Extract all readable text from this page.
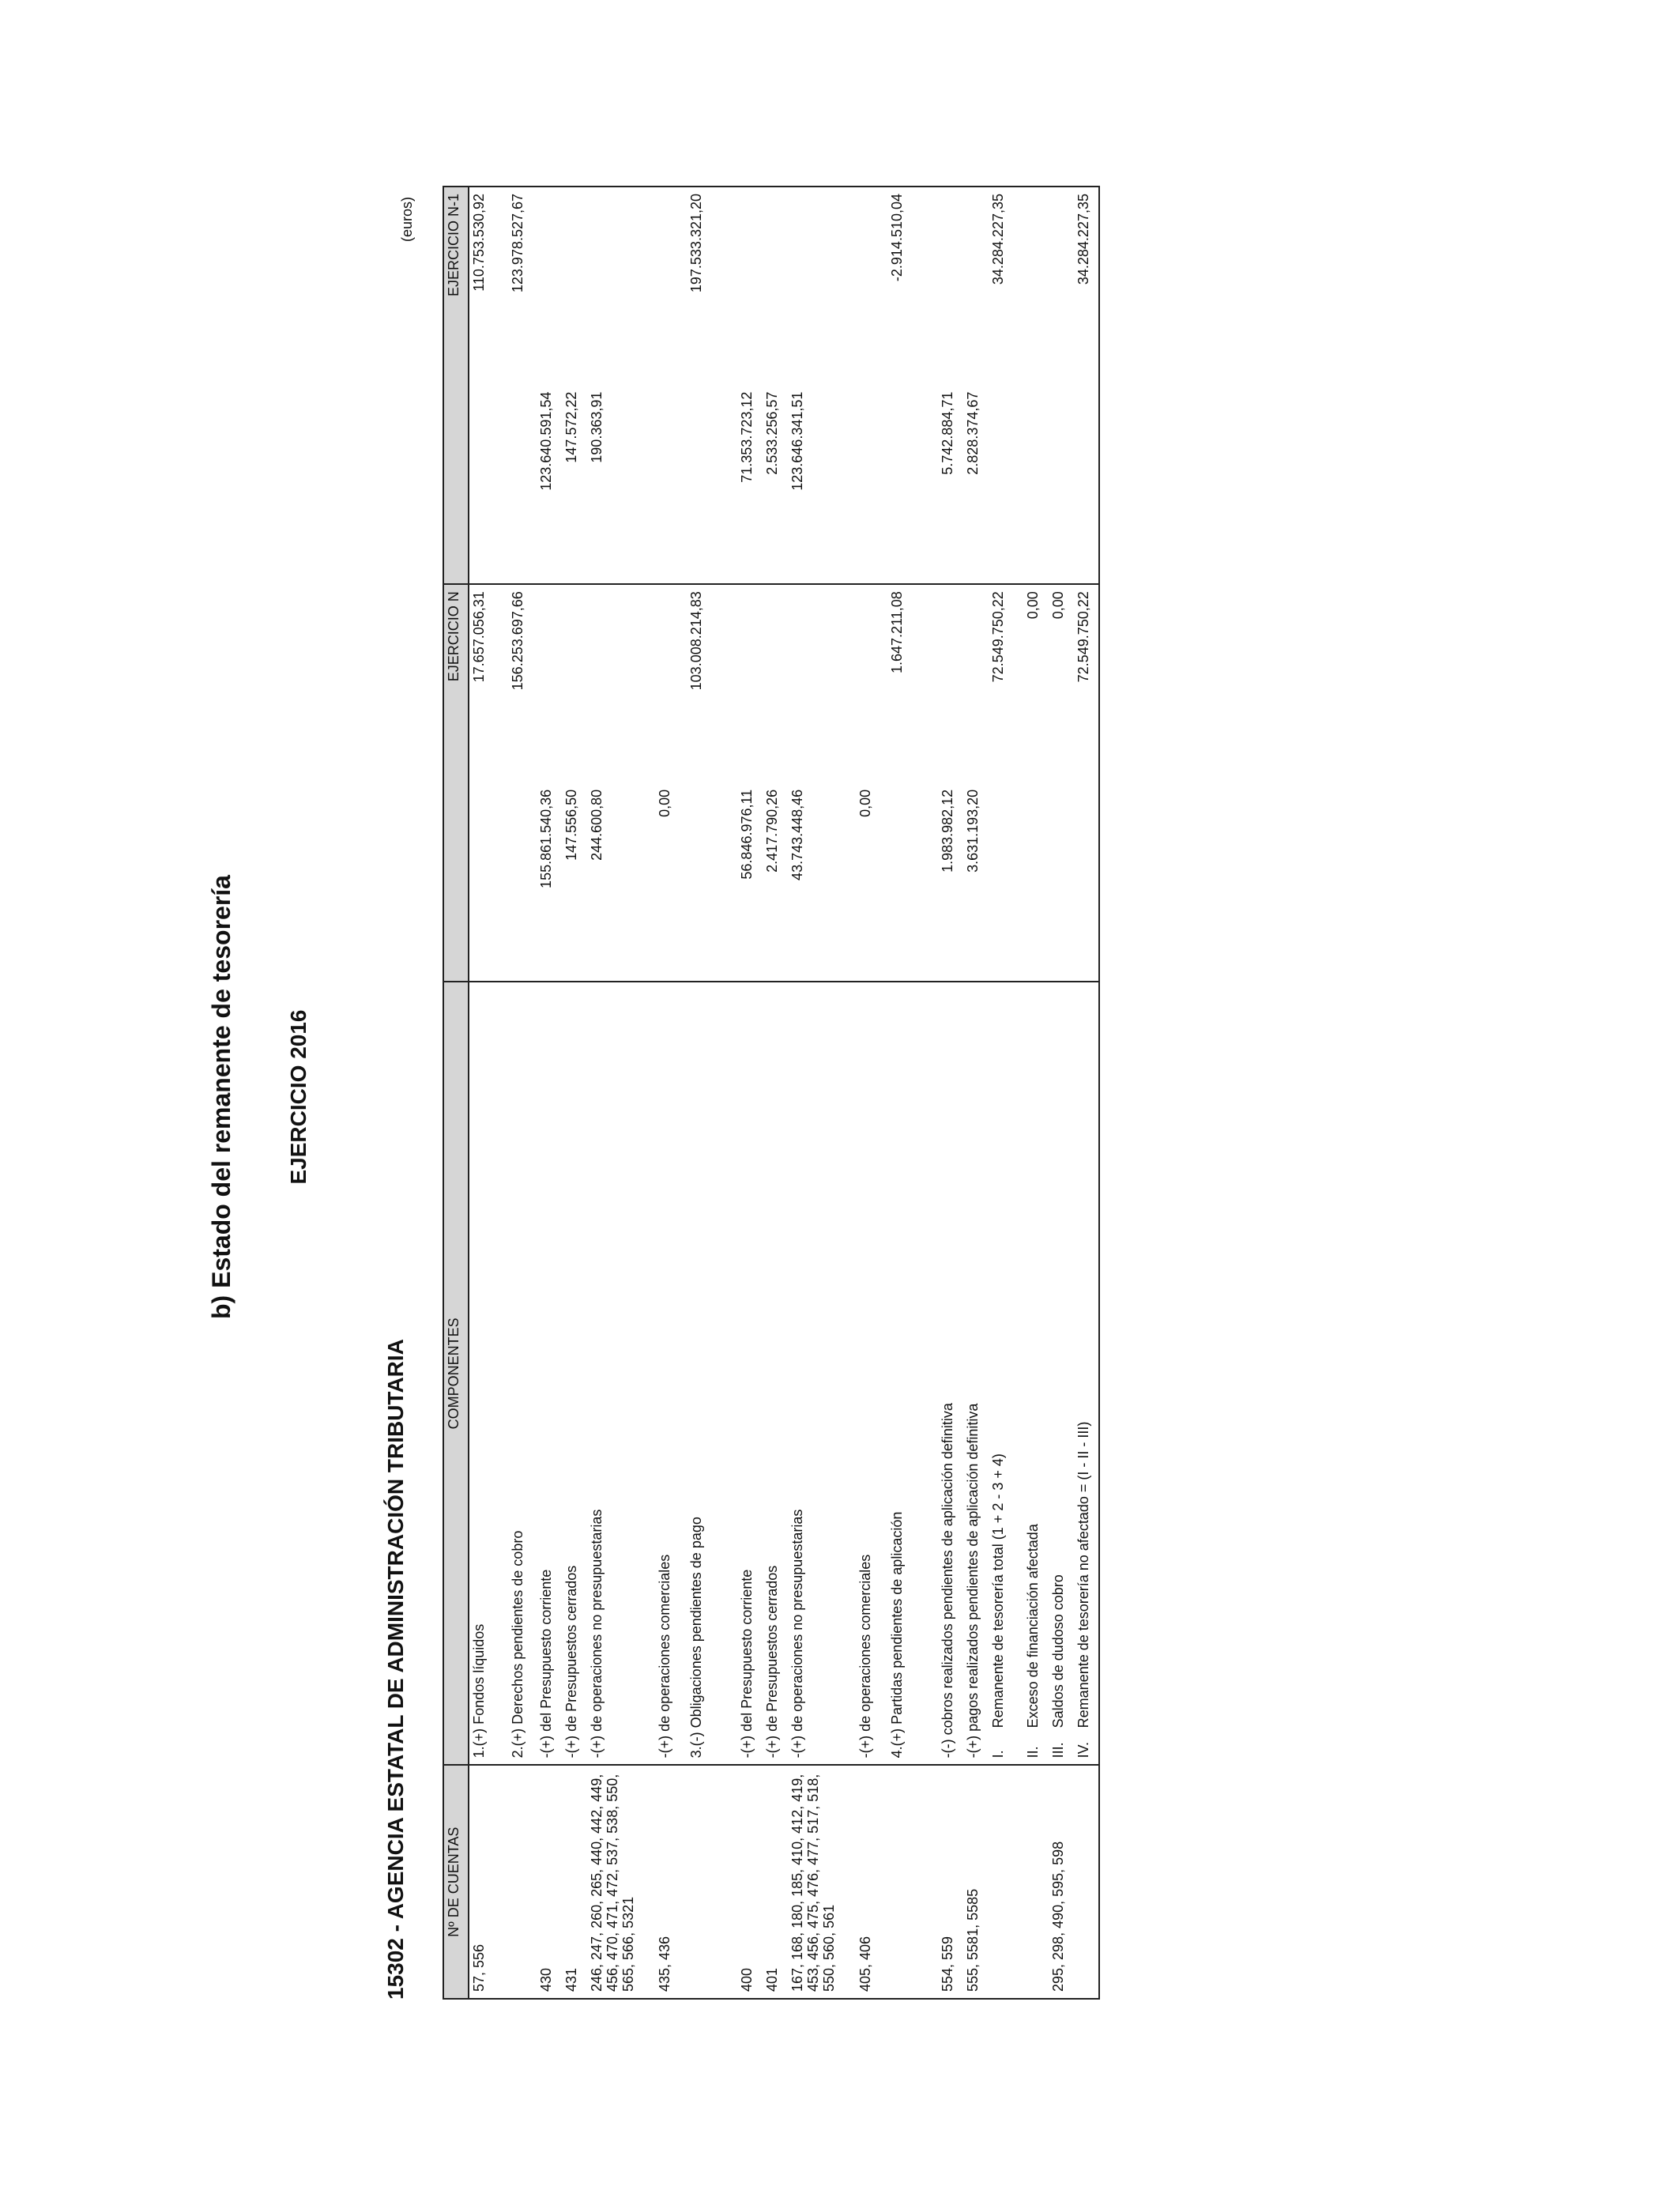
b) Estado del remanente de tesorería EJERCICIO 2016
15302 - AGENCIA ESTATAL DE ADMINISTRACIÓN TRIBUTARIA
(euros)
Nº DE CUENTAS	COMPONENTES	EJERCICIO N		EJERCICIO N-1	
57, 556	1.(+) Fondos líquidos		17.657.056,31		110.753.530,92
	2.(+) Derechos pendientes de cobro		156.253.697,66		123.978.527,67
430	-(+) del Presupuesto corriente	155.861.540,36		123.640.591,54	
431	-(+) de Presupuestos cerrados	147.556,50		147.572,22	
246, 247, 260, 265, 440, 442, 449, 456, 470, 471, 472, 537, 538, 550, 565, 566, 5321	-(+) de operaciones no presupuestarias	244.600,80		190.363,91	
435, 436	-(+) de operaciones comerciales	0,00			
	3.(-) Obligaciones pendientes de pago		103.008.214,83		197.533.321,20
400	-(+) del Presupuesto corriente	56.846.976,11		71.353.723,12	
401	-(+) de Presupuestos cerrados	2.417.790,26		2.533.256,57	
167, 168, 180, 185, 410, 412, 419, 453, 456, 475, 476, 477, 517, 518, 550, 560, 561	-(+) de operaciones no presupuestarias	43.743.448,46		123.646.341,51	
405, 406	-(+) de operaciones comerciales	0,00			
	4.(+) Partidas pendientes de aplicación		1.647.211,08		-2.914.510,04
554, 559	-(-) cobros realizados pendientes de aplicación definitiva	1.983.982,12		5.742.884,71	
555, 5581, 5585	-(+) pagos realizados pendientes de aplicación definitiva	3.631.193,20		2.828.374,67	
	I.Remanente de tesorería total (1 + 2 - 3 + 4)		72.549.750,22		34.284.227,35
	II.Exceso de financiación afectada		0,00		
295, 298, 490, 595, 598	III.Saldos de dudoso cobro		0,00		
	IV.Remanente de tesorería no afectado = (I - II - III)		72.549.750,22		34.284.227,35
